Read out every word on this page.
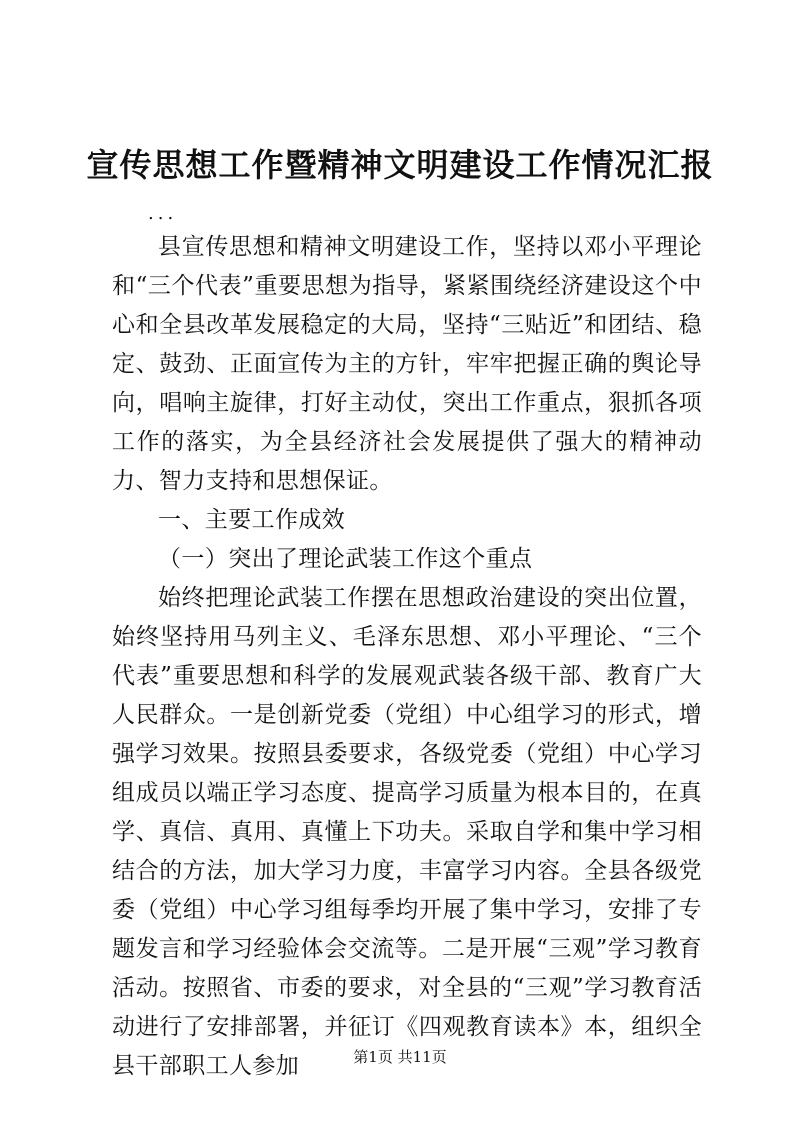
宣传思想工作暨精神文明建设工作情况汇报
...

县宣传思想和精神文明建设工作，坚持以邓小平理论和“三个代表”重要思想为指导，紧紧围绕经济建设这个中心和全县改革发展稳定的大局，坚持“三贴近”和团结、稳定、鼓劲、正面宣传为主的方针，牢牢把握正确的舆论导向，唱响主旋律，打好主动仗，突出工作重点，狠抓各项工作的落实，为全县经济社会发展提供了强大的精神动力、智力支持和思想保证。

一、主要工作成效

（一）突出了理论武装工作这个重点

始终把理论武装工作摆在思想政治建设的突出位置，始终坚持用马列主义、毛泽东思想、邓小平理论、“三个代表”重要思想和科学的发展观武装各级干部、教育广大人民群众。一是创新党委（党组）中心组学习的形式，增强学习效果。按照县委要求，各级党委（党组）中心学习组成员以端正学习态度、提高学习质量为根本目的，在真学、真信、真用、真懂上下功夫。采取自学和集中学习相结合的方法，加大学习力度，丰富学习内容。全县各级党委（党组）中心学习组每季均开展了集中学习，安排了专题发言和学习经验体会交流等。二是开展“三观”学习教育活动。按照省、市委的要求，对全县的“三观”学习教育活动进行了安排部署，并征订《四观教育读本》本，组织全县干部职工人参加	第1页 共11页
